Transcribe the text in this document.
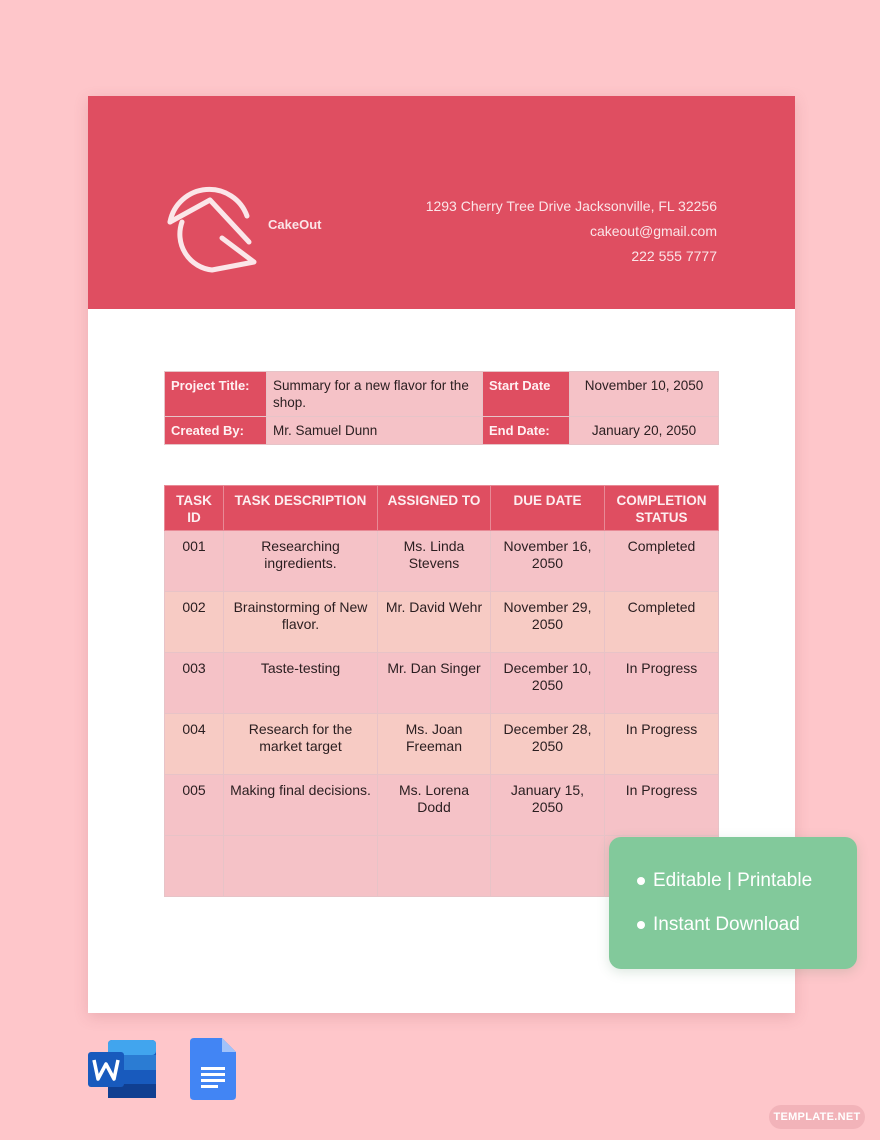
CakeOut
1293 Cherry Tree Drive Jacksonville, FL 32256
cakeout@gmail.com
222 555 7777
Project Title:	Summary for a new flavor for the shop.	Start Date	November 10, 2050
Created By:	Mr. Samuel Dunn	End Date:	January 20, 2050
TASK ID	TASK DESCRIPTION	ASSIGNED TO	DUE DATE	COMPLETION STATUS
001	Researching ingredients.	Ms. Linda Stevens	November 16, 2050	Completed
002	Brainstorming of New flavor.	Mr. David Wehr	November 29, 2050	Completed
003	Taste-testing	Mr. Dan Singer	December 10, 2050	In Progress
004	Research for the market target	Ms. Joan Freeman	December 28, 2050	In Progress
005	Making final decisions.	Ms. Lorena Dodd	January 15, 2050	In Progress

Editable | Printable
Instant Download
TEMPLATE.NET
